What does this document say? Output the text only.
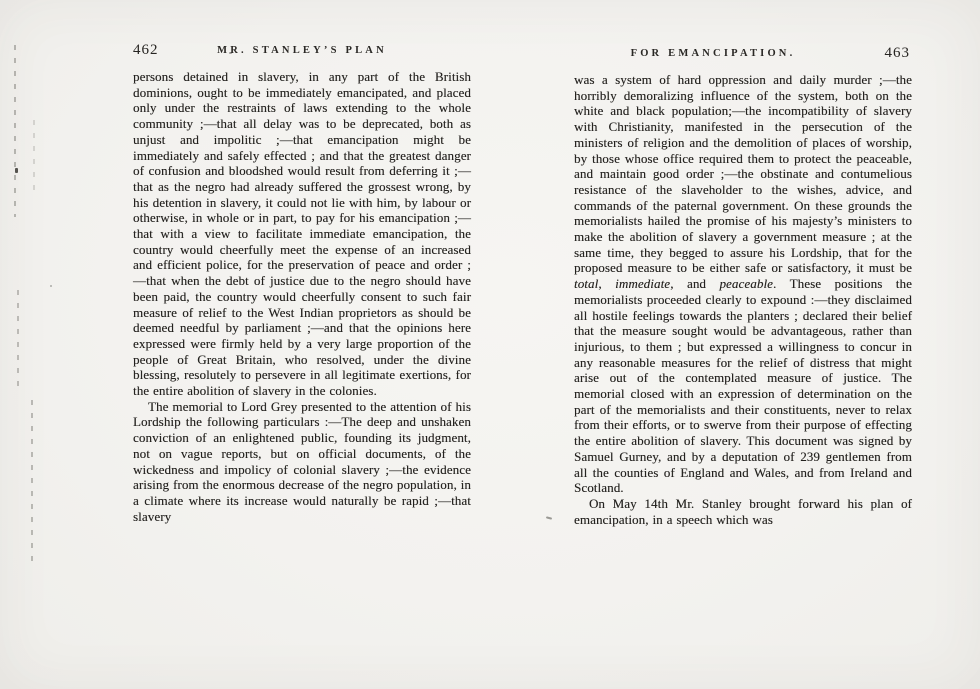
462	MR. STANLEY’S PLAN

persons detained in slavery, in any part of the British dominions, ought to be immediately emancipated, and placed only under the restraints of laws extending to the whole community ;—that all delay was to be deprecated, both as unjust and impolitic ;—that emancipation might be immediately and safely effected ; and that the greatest danger of confusion and bloodshed would result from deferring it ;—that as the negro had already suffered the grossest wrong, by his detention in slavery, it could not lie with him, by labour or otherwise, in whole or in part, to pay for his emancipation ;—that with a view to facilitate immediate emancipation, the country would cheerfully meet the expense of an increased and efficient police, for the preservation of peace and order ;—that when the debt of justice due to the negro should have been paid, the country would cheerfully consent to such fair measure of relief to the West Indian proprietors as should be deemed needful by parliament ;—and that the opinions here expressed were firmly held by a very large proportion of the people of Great Britain, who resolved, under the divine blessing, resolutely to persevere in all legitimate exertions, for the entire abolition of slavery in the colonies.

The memorial to Lord Grey presented to the attention of his Lordship the following particulars :—The deep and unshaken conviction of an enlightened public, founding its judgment, not on vague reports, but on official documents, of the wickedness and impolicy of colonial slavery ;—the evidence arising from the enormous decrease of the negro population, in a climate where its increase would naturally be rapid ;—that slavery

FOR EMANCIPATION.	463

was a system of hard oppression and daily murder ;—the horribly demoralizing influence of the system, both on the white and black population;—the incompatibility of slavery with Christianity, manifested in the persecution of the ministers of religion and the demolition of places of worship, by those whose office required them to protect the peaceable, and maintain good order ;—the obstinate and contumelious resistance of the slaveholder to the wishes, advice, and commands of the paternal government. On these grounds the memorialists hailed the promise of his majesty’s ministers to make the abolition of slavery a government measure ; at the same time, they begged to assure his Lordship, that for the proposed measure to be either safe or satisfactory, it must be total, immediate, and peaceable. These positions the memorialists proceeded clearly to expound :—they disclaimed all hostile feelings towards the planters ; declared their belief that the measure sought would be advantageous, rather than injurious, to them ; but expressed a willingness to concur in any reasonable measures for the relief of distress that might arise out of the contemplated measure of justice. The memorial closed with an expression of determination on the part of the memorialists and their constituents, never to relax from their efforts, or to swerve from their purpose of effecting the entire abolition of slavery. This document was signed by Samuel Gurney, and by a deputation of 239 gentlemen from all the counties of England and Wales, and from Ireland and Scotland.

On May 14th Mr. Stanley brought forward his plan of emancipation, in a speech which was
